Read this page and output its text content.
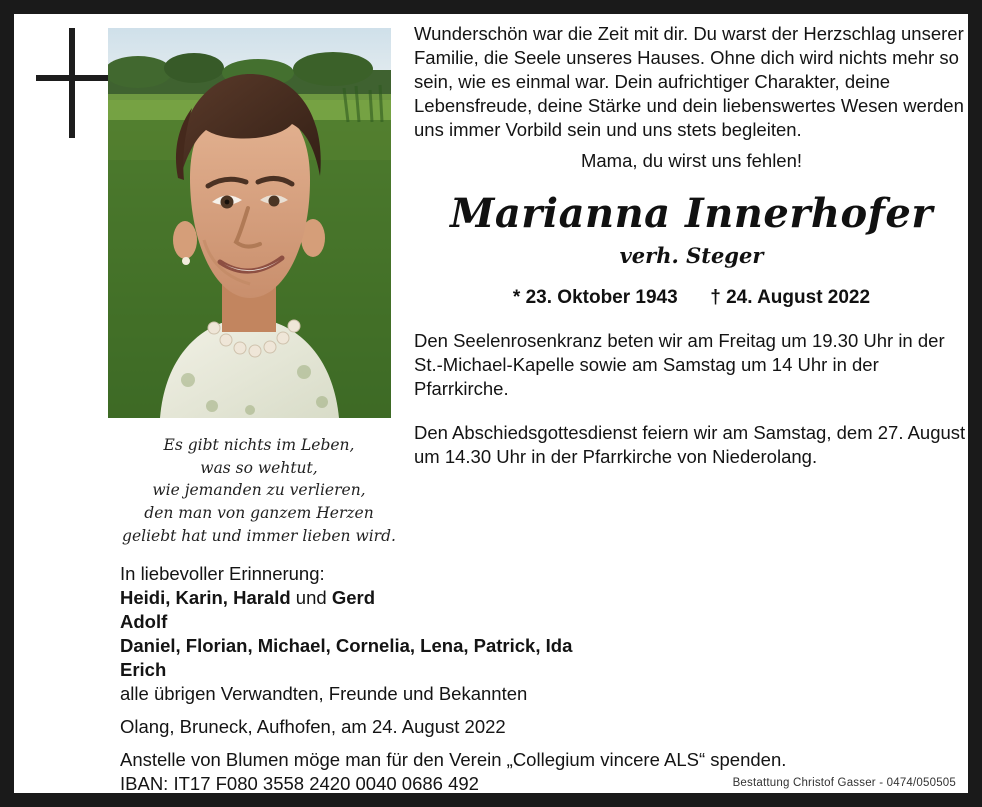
Es gibt nichts im Leben,
was so wehtut,
wie jemanden zu verlieren,
den man von ganzem Herzen
geliebt hat und immer lieben wird.
Wunderschön war die Zeit mit dir. Du warst der Herzschlag unserer Familie, die Seele unseres Hauses. Ohne dich wird nichts mehr so sein, wie es einmal war. Dein aufrichtiger Charakter, deine Lebensfreude, deine Stärke und dein liebenswertes Wesen werden uns immer Vorbild sein und uns stets begleiten.
Mama, du wirst uns fehlen!
Marianna Innerhofer
verh. Steger
* 23. Oktober 1943 † 24. August 2022
Den Seelenrosenkranz beten wir am Freitag um 19.30 Uhr in der St.-Michael-Kapelle sowie am Samstag um 14 Uhr in der Pfarrkirche.
Den Abschiedsgottesdienst feiern wir am Samstag, dem 27. August um 14.30 Uhr in der Pfarrkirche von Niederolang.

In liebevoller Erinnerung:

Heidi, Karin, Harald und Gerd

Adolf

Daniel, Florian, Michael, Cornelia, Lena, Patrick, Ida

Erich

alle übrigen Verwandten, Freunde und Bekannten

Olang, Bruneck, Aufhofen, am 24. August 2022

Anstelle von Blumen möge man für den Verein „Collegium vincere ALS“ spenden.

IBAN: IT17 F080 3558 2420 0040 0686 492	Bestattung Christof Gasser - 0474/050505
